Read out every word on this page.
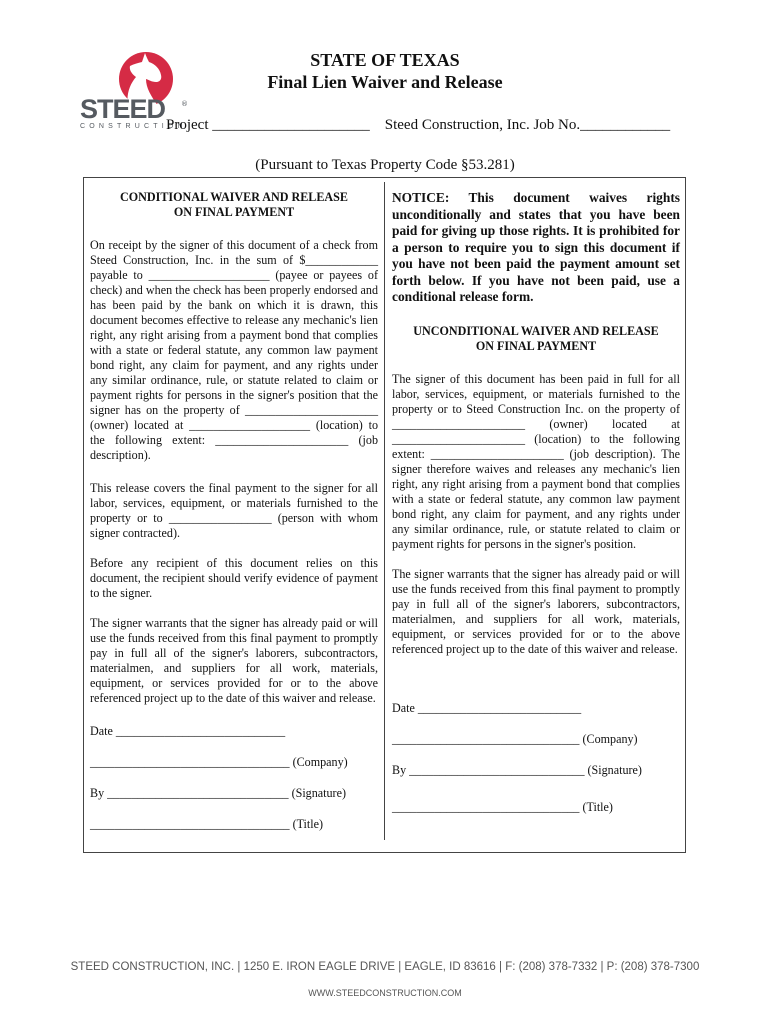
STEED ®
CONSTRUCTION
STATE OF TEXAS
Final Lien Waiver and Release
Project _____________________    Steed Construction, Inc. Job No.____________
(Pursuant to Texas Property Code §53.281)

CONDITIONAL WAIVER AND RELEASE

ON FINAL PAYMENT

On receipt by the signer of this document of a check from Steed Construction, Inc. in the sum of $____________ payable to ____________________ (payee or payees of check) and when the check has been properly endorsed and has been paid by the bank on which it is drawn, this document becomes effective to release any mechanic's lien right, any right arising from a payment bond that complies with a state or federal statute, any common law payment bond right, any claim for payment, and any rights under any similar ordinance, rule, or statute related to claim or payment rights for persons in the signer's position that the signer has on the property of ______________________ (owner) located at ____________________ (location) to the following extent: ______________________ (job description).

This release covers the final payment to the signer for all labor, services, equipment, or materials furnished to the property or to _________________ (person with whom signer contracted).

Before any recipient of this document relies on this document, the recipient should verify evidence of payment to the signer.

The signer warrants that the signer has already paid or will use the funds received from this final payment to promptly pay in full all of the signer's laborers, subcontractors, materialmen, and suppliers for all work, materials, equipment, or services provided for or to the above referenced project up to the date of this waiver and release.

Date ____________________________

_________________________________ (Company)

By ______________________________ (Signature)

_________________________________ (Title)

NOTICE: This document waives rights unconditionally and states that you have been paid for giving up those rights. It is prohibited for a person to require you to sign this document if you have not been paid the payment amount set forth below. If you have not been paid, use a conditional release form.

UNCONDITIONAL WAIVER AND RELEASE

ON FINAL PAYMENT

The signer of this document has been paid in full for all labor, services, equipment, or materials furnished to the property or to Steed Construction Inc. on the property of ______________________ (owner) located at ______________________ (location) to the following extent: ______________________ (job description). The signer therefore waives and releases any mechanic's lien right, any right arising from a payment bond that complies with a state or federal statute, any common law payment bond right, any claim for payment, and any rights under any similar ordinance, rule, or statute related to claim or payment rights for persons in the signer's position.

The signer warrants that the signer has already paid or will use the funds received from this final payment to promptly pay in full all of the signer's laborers, subcontractors, materialmen, and suppliers for all work, materials, equipment, or services provided for or to the above referenced project up to the date of this waiver and release.

Date ___________________________

_______________________________ (Company)

By _____________________________ (Signature)

_______________________________ (Title)

STEED CONSTRUCTION, INC. | 1250 E. IRON EAGLE DRIVE | EAGLE, ID 83616 | F: (208) 378-7332 | P: (208) 378-7300
WWW.STEEDCONSTRUCTION.COM
